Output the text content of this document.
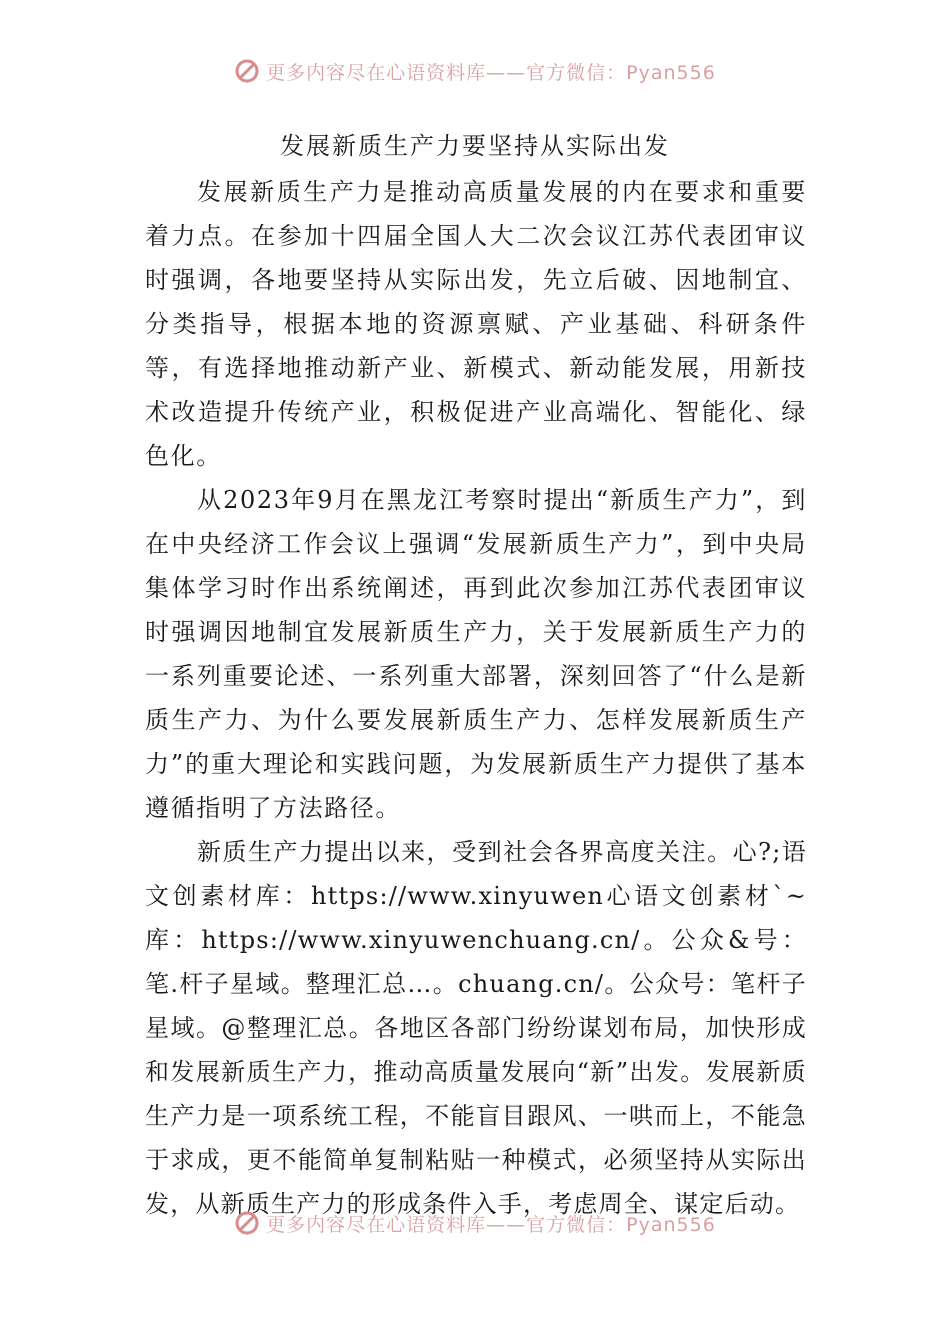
更多内容尽在心语资料库——官方微信：Pyan556
发展新质生产力要坚持从实际出发

发展新质生产力是推动高质量发展的内在要求和重要着力点。在参加十四届全国人大二次会议江苏代表团审议时强调，各地要坚持从实际出发，先立后破、因地制宜、分类指导，根据本地的资源禀赋、产业基础、科研条件等，有选择地推动新产业、新模式、新动能发展，用新技术改造提升传统产业，积极促进产业高端化、智能化、绿色化。

从2023年9月在黑龙江考察时提出“新质生产力”，到在中央经济工作会议上强调“发展新质生产力”，到中央局集体学习时作出系统阐述，再到此次参加江苏代表团审议时强调因地制宜发展新质生产力，关于发展新质生产力的一系列重要论述、一系列重大部署，深刻回答了“什么是新质生产力、为什么要发展新质生产力、怎样发展新质生产力”的重大理论和实践问题，为发展新质生产力提供了基本遵循指明了方法路径。

新质生产力提出以来，受到社会各界高度关注。心?;语文创素材库：https://www.xinyuwen心语文创素材`~库：https://www.xinyuwenchuang.cn/。公众&号：笔.杆子星域。整理汇总…。chuang.cn/。公众号：笔杆子星域。@整理汇总。各地区各部门纷纷谋划布局，加快形成和发展新质生产力，推动高质量发展向“新”出发。发展新质生产力是一项系统工程，不能盲目跟风、一哄而上，不能急于求成，更不能简单复制粘贴一种模式，必须坚持从实际出发，从新质生产力的形成条件入手，考虑周全、谋定后动。

更多内容尽在心语资料库——官方微信：Pyan556
